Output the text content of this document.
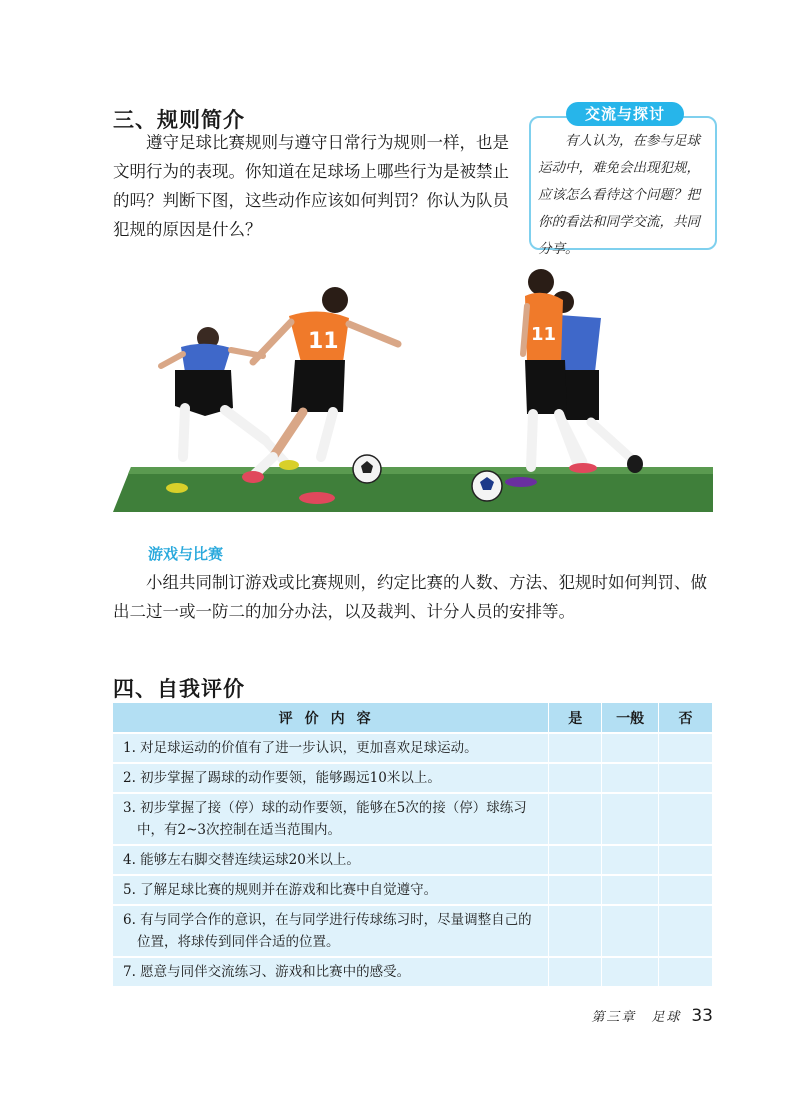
三、规则简介

遵守足球比赛规则与遵守日常行为规则一样，也是文明行为的表现。你知道在足球场上哪些行为是被禁止的吗？判断下图，这些动作应该如何判罚？你认为队员犯规的原因是什么？

交流与探讨
有人认为，在参与足球运动中，难免会出现犯规，应该怎么看待这个问题？把你的看法和同学交流，共同分享。
11	11
游戏与比赛
小组共同制订游戏或比赛规则，约定比赛的人数、方法、犯规时如何判罚、做出二过一或一防二的加分办法，以及裁判、计分人员的安排等。
四、自我评价
评价内容	是	一般	否
1. 对足球运动的价值有了进一步认识，更加喜欢足球运动。			
2. 初步掌握了踢球的动作要领，能够踢远10米以上。			
3. 初步掌握了接（停）球的动作要领，能够在5次的接（停）球练习中，有2~3次控制在适当范围内。			
4. 能够左右脚交替连续运球20米以上。			
5. 了解足球比赛的规则并在游戏和比赛中自觉遵守。			
6. 有与同学合作的意识，在与同学进行传球练习时，尽量调整自己的位置，将球传到同伴合适的位置。			
7. 愿意与同伴交流练习、游戏和比赛中的感受。			
第三章　足球 33
